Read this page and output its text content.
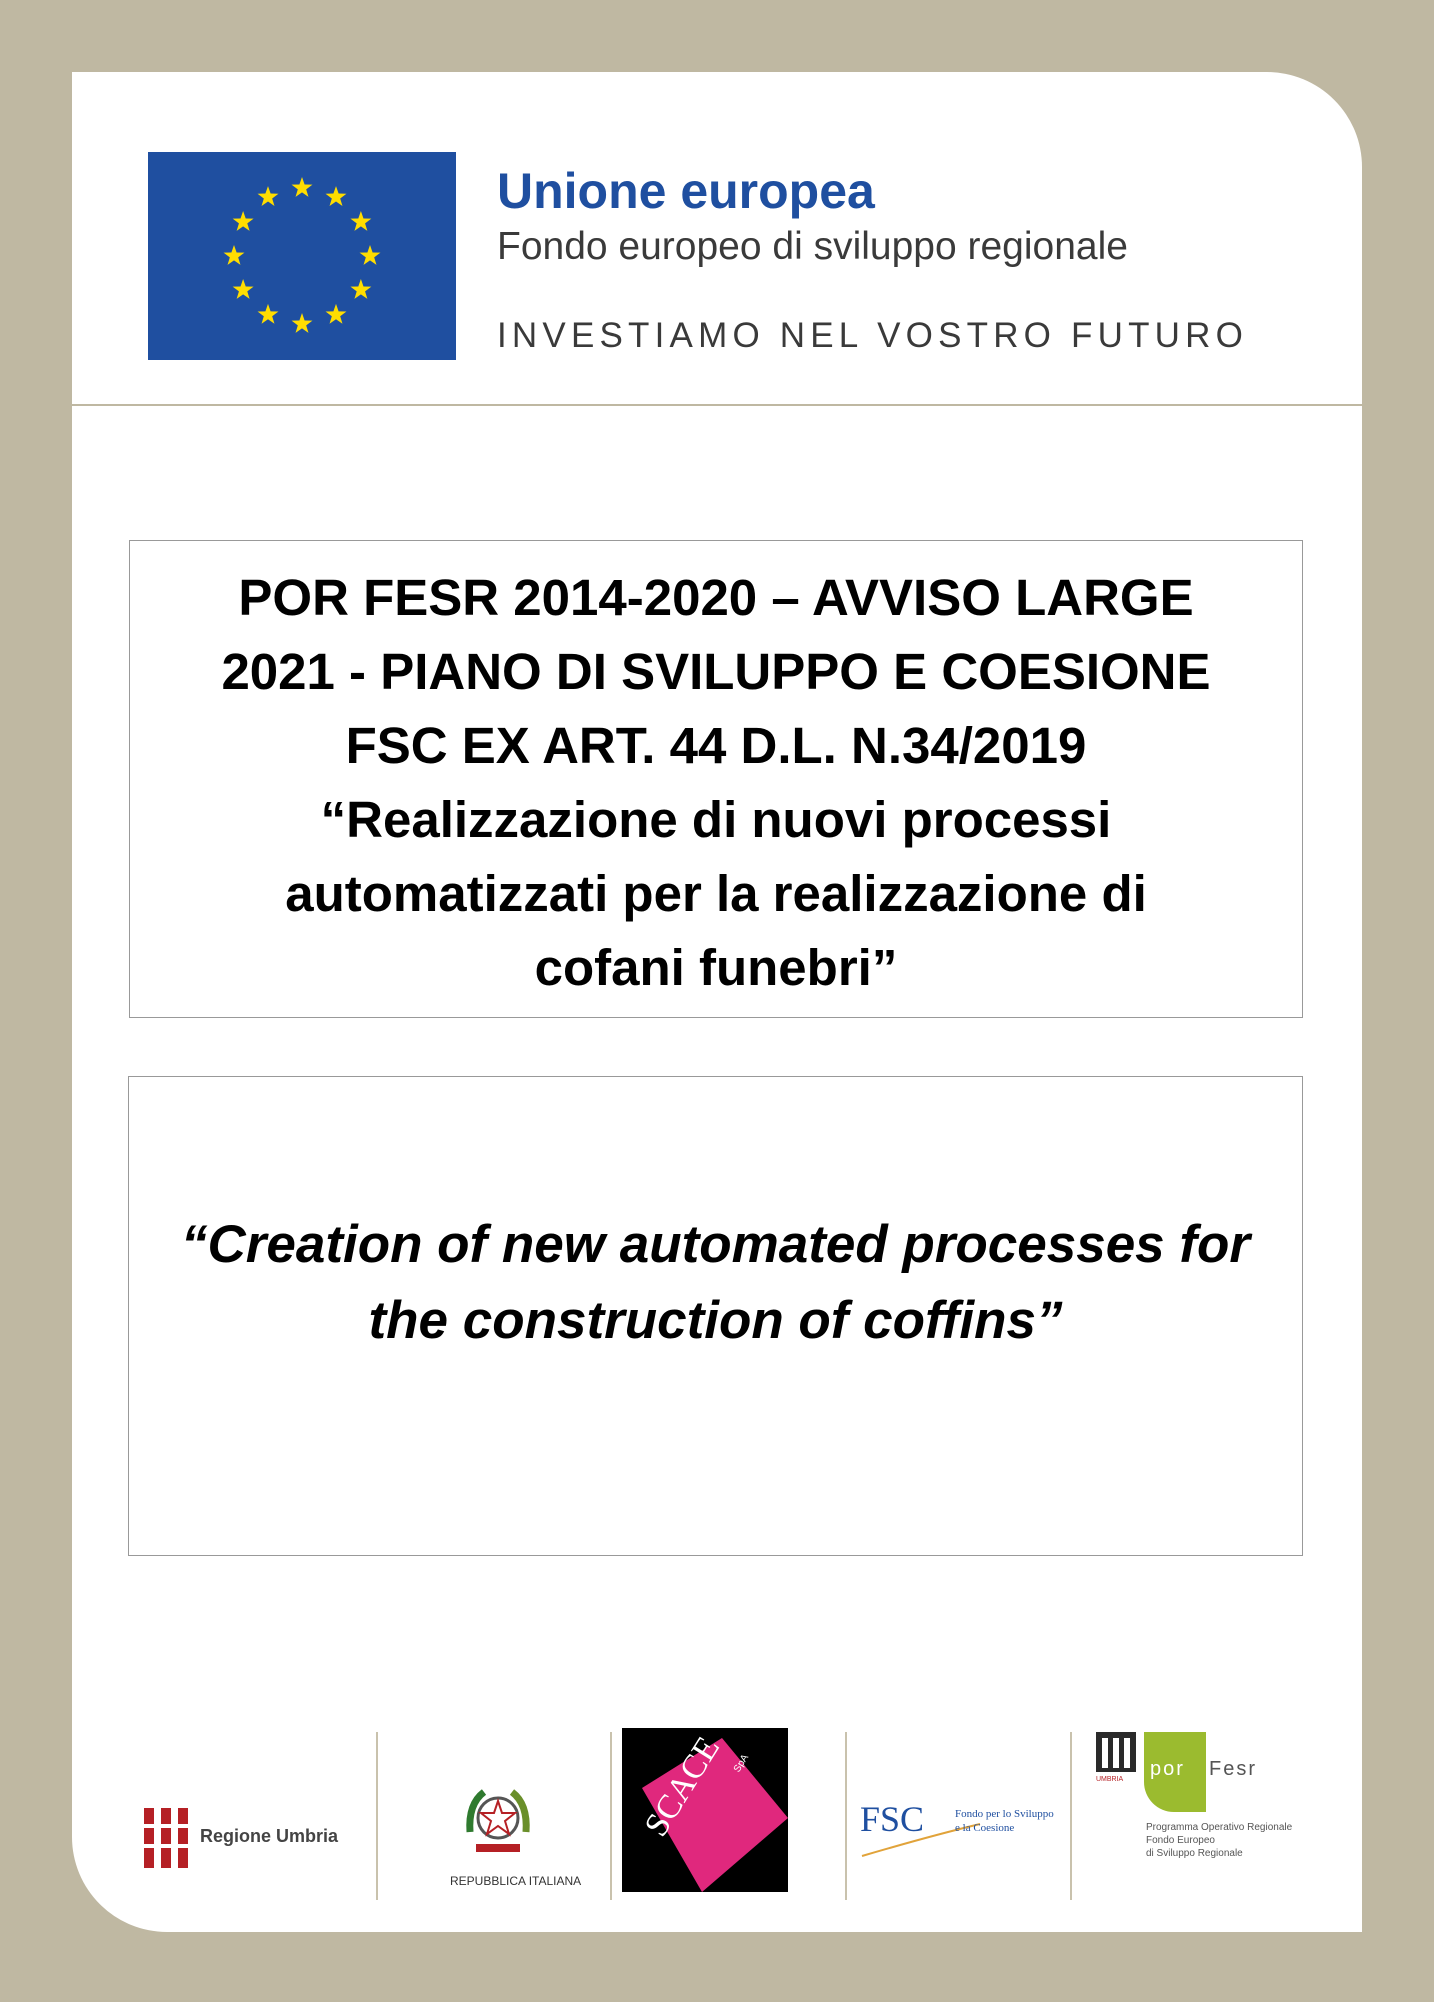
Unione europea
Fondo europeo di sviluppo regionale
INVESTIAMO NEL VOSTRO FUTURO
POR FESR 2014-2020 – AVVISO LARGE
2021 - PIANO DI SVILUPPO E COESIONE
FSC EX ART. 44 D.L. N.34/2019
“Realizzazione di nuovi processi
automatizzati per la realizzazione di
cofani funebri”
“Creation of new automated processes for
the construction of coffins”
Regione Umbria
REPUBBLICA ITALIANA
SCACE SpA
FSC	Fondo per lo Sviluppo
e la Coesione
UMBRIA por Fesr
Programma Operativo Regionale
Fondo Europeo
di Sviluppo Regionale
